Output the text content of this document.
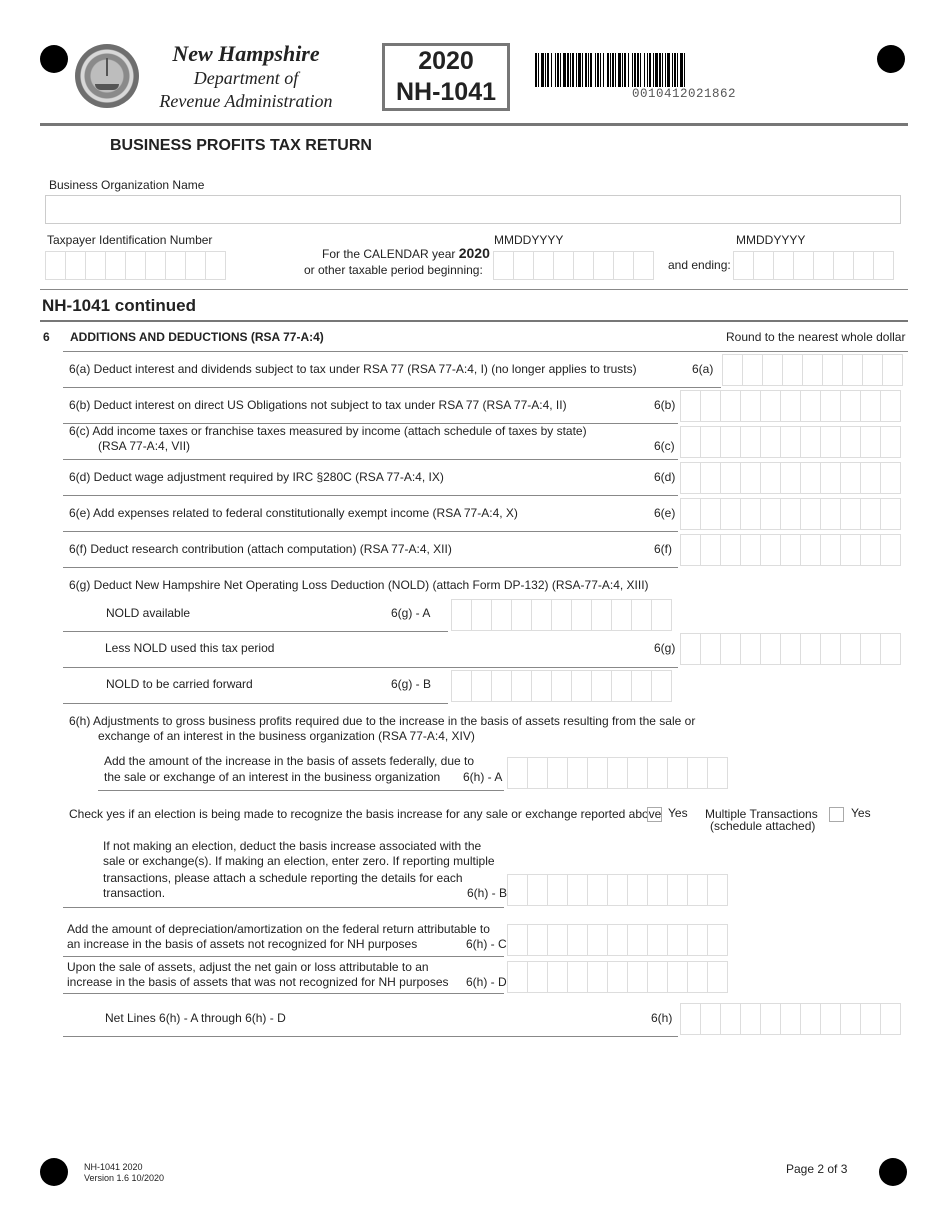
New Hampshire
Department of
Revenue Administration
2020
NH-1041	0010412021862
BUSINESS PROFITS TAX RETURN
Business Organization Name
Taxpayer Identification Number
For the CALENDAR year 2020
or other taxable period beginning:
MMDDYYYY
and ending:
MMDDYYYY
NH-1041 continued
6 ADDITIONS AND DEDUCTIONS (RSA 77-A:4)	Round to the nearest whole dollar
6(a) Deduct interest and dividends subject to tax under RSA 77 (RSA 77-A:4, I) (no longer applies to trusts)	6(a)
6(b) Deduct interest on direct US Obligations not subject to tax under RSA 77 (RSA 77-A:4, II)	6(b)
6(c) Add income taxes or franchise taxes measured by income (attach schedule of taxes by state)
(RSA 77-A:4, VII)	6(c)
6(d) Deduct wage adjustment required by IRC §280C (RSA 77-A:4, IX)	6(d)
6(e) Add expenses related to federal constitutionally exempt income (RSA 77-A:4, X)	6(e)
6(f) Deduct research contribution (attach computation) (RSA 77-A:4, XII)	6(f)
6(g) Deduct New Hampshire Net Operating Loss Deduction (NOLD) (attach Form DP-132) (RSA-77-A:4, XIII)
NOLD available	6(g) - A
Less NOLD used this tax period	6(g)
NOLD to be carried forward	6(g) - B
6(h) Adjustments to gross business profits required due to the increase in the basis of assets resulting from the sale or
exchange of an interest in the business organization (RSA 77-A:4, XIV)
Add the amount of the increase in the basis of assets federally, due to
the sale or exchange of an interest in the business organization 6(h) - A
Check yes if an election is being made to recognize the basis increase for any sale or exchange reported above Yes Multiple Transactions
(schedule attached)
Yes
If not making an election, deduct the basis increase associated with the
sale or exchange(s). If making an election, enter zero. If reporting multiple
transactions, please attach a schedule reporting the details for each
transaction.	6(h) - B
Add the amount of depreciation/amortization on the federal return attributable to
an increase in the basis of assets not recognized for NH purposes	6(h) - C
Upon the sale of assets, adjust the net gain or loss attributable to an
increase in the basis of assets that was not recognized for NH purposes 6(h) - D
Net Lines 6(h) - A through 6(h) - D	6(h)
NH-1041 2020
Version 1.6 10/2020
Page 2 of 3
